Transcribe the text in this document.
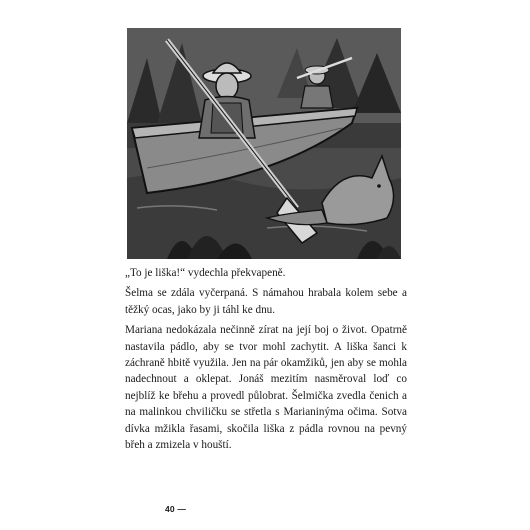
„To je liška!“ vydechla překvapeně.

Šelma se zdála vyčerpaná. S námahou hrabala kolem sebe a těžký ocas, jako by ji táhl ke dnu.

Mariana nedokázala nečinně zírat na její boj o život. Opatrně nastavila pádlo, aby se tvor mohl zachytit. A liška šanci k záchraně hbitě využila. Jen na pár okamžiků, jen aby se mohla nadechnout a oklepat. Jonáš mezitím nasměroval loď co nejblíž ke břehu a provedl půlobrat. Šelmička zvedla čenich a na malinkou chviličku se střetla s Marianinýma očima. Sotva dívka mžikla řasami, skočila liška z pádla rovnou na pevný břeh a zmizela v houští.

40 —
